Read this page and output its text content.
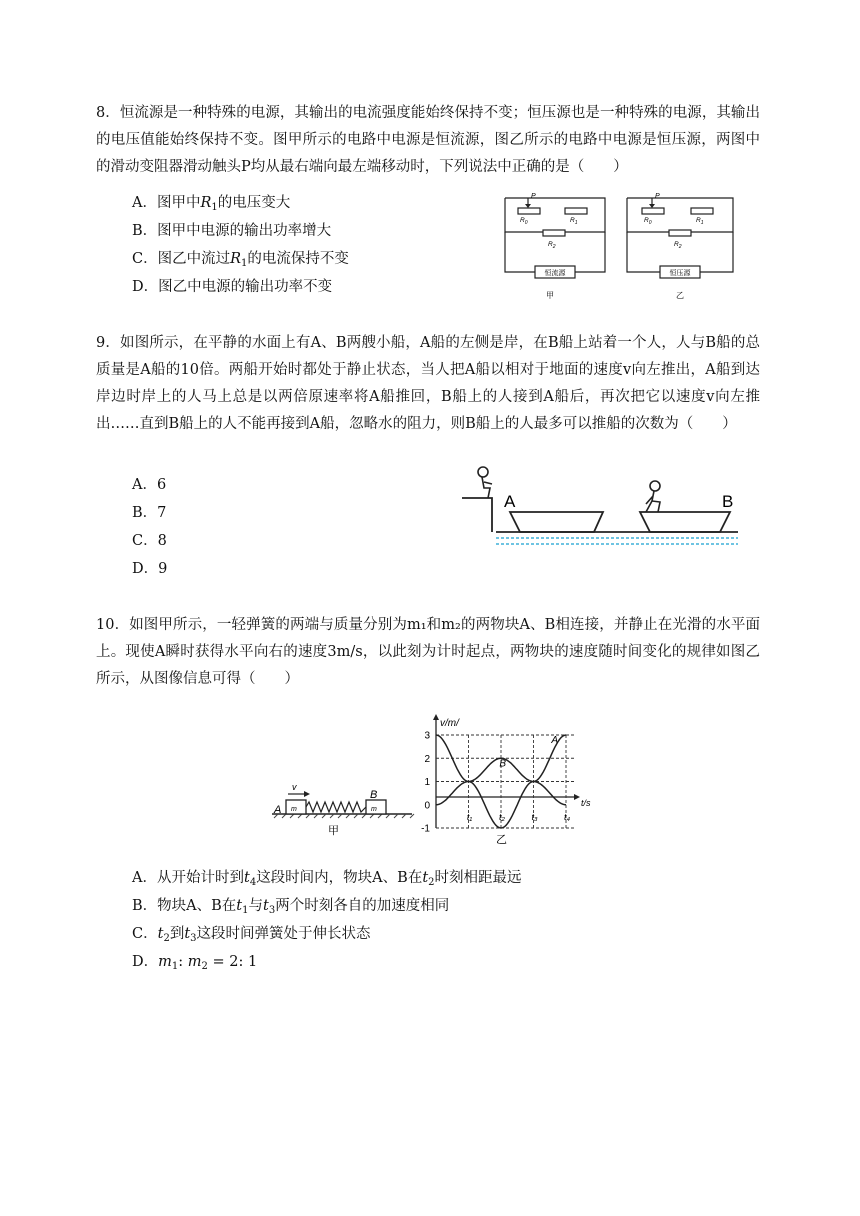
8．恒流源是一种特殊的电源，其输出的电流强度能始终保持不变；恒压源也是一种特殊的电源，其输出的电压值能始终保持不变。图甲所示的电路中电源是恒流源，图乙所示的电路中电源是恒压源，两图中的滑动变阻器滑动触头P均从最右端向最左端移动时，下列说法中正确的是（　　）
A．图甲中$R_1$的电压变大
B．图甲中电源的输出功率增大
C．图乙中流过$R_1$的电流保持不变
D．图乙中电源的输出功率不变
P
$R_0$	$R_1$
$R_2$
恒流源
甲
P
$R_0$	$R_1$
$R_2$
恒压源
乙
9．如图所示，在平静的水面上有A、B两艘小船，A船的左侧是岸，在B船上站着一个人，人与B船的总质量是A船的10倍。两船开始时都处于静止状态，当人把A船以相对于地面的速度v向左推出，A船到达岸边时岸上的人马上总是以两倍原速率将A船推回，B船上的人接到A船后，再次把它以速度v向左推出……直到B船上的人不能再接到A船，忽略水的阻力，则B船上的人最多可以推船的次数为（　　）
A．6
B．7
C．8
D．9
A	B
10．如图甲所示，一轻弹簧的两端与质量分别为m₁和m₂的两物块A、B相连接，并静止在光滑的水平面上。现使A瞬时获得水平向右的速度3m/s，以此刻为计时起点，两物块的速度随时间变化的规律如图乙所示，从图像信息可得（　　）
v
A
B
m	m
甲
3
2
1
0
-1
t₁	t₂	t₃	t₄
A
B
v/m/
t/s
乙
A．从开始计时到$t_4$这段时间内，物块A、B在$t_2$时刻相距最远
B．物块A、B在$t_1$与$t_3$两个时刻各自的加速度相同
C．$t_2$到$t_3$这段时间弹簧处于伸长状态
D．$m_1$: $m_2 = 2$: 1
